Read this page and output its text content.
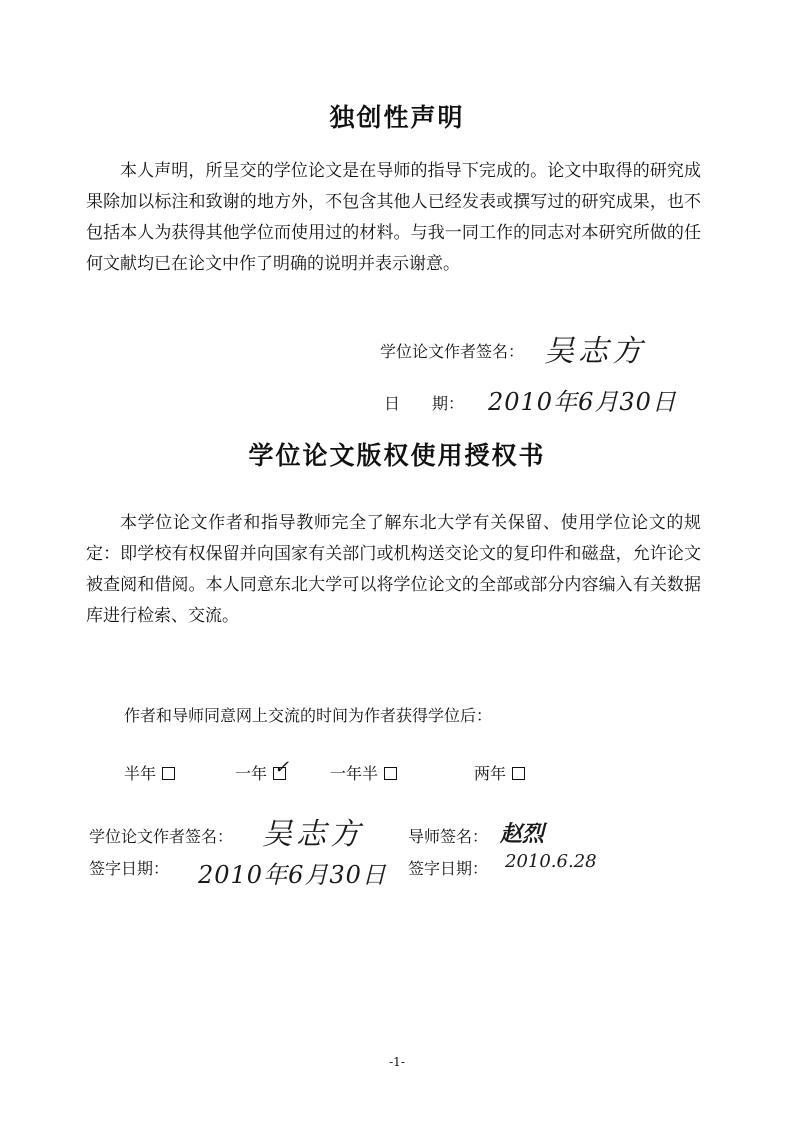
独创性声明
本人声明，所呈交的学位论文是在导师的指导下完成的。论文中取得的研究成果除加以标注和致谢的地方外，不包含其他人已经发表或撰写过的研究成果，也不包括本人为获得其他学位而使用过的材料。与我一同工作的同志对本研究所做的任何文献均已在论文中作了明确的说明并表示谢意。
学位论文作者签名： 吴志方
日　　期： 2010年6月30日
学位论文版权使用授权书
本学位论文作者和指导教师完全了解东北大学有关保留、使用学位论文的规定：即学校有权保留并向国家有关部门或机构送交论文的复印件和磁盘，允许论文被查阅和借阅。本人同意东北大学可以将学位论文的全部或部分内容编入有关数据库进行检索、交流。
作者和导师同意网上交流的时间为作者获得学位后：
半年	一年 ✓	一年半	两年
学位论文作者签名： 吴志方	导师签名： 赵烈
签字日期： 2010年6月30日 签字日期： 2010.6.28
-1-
